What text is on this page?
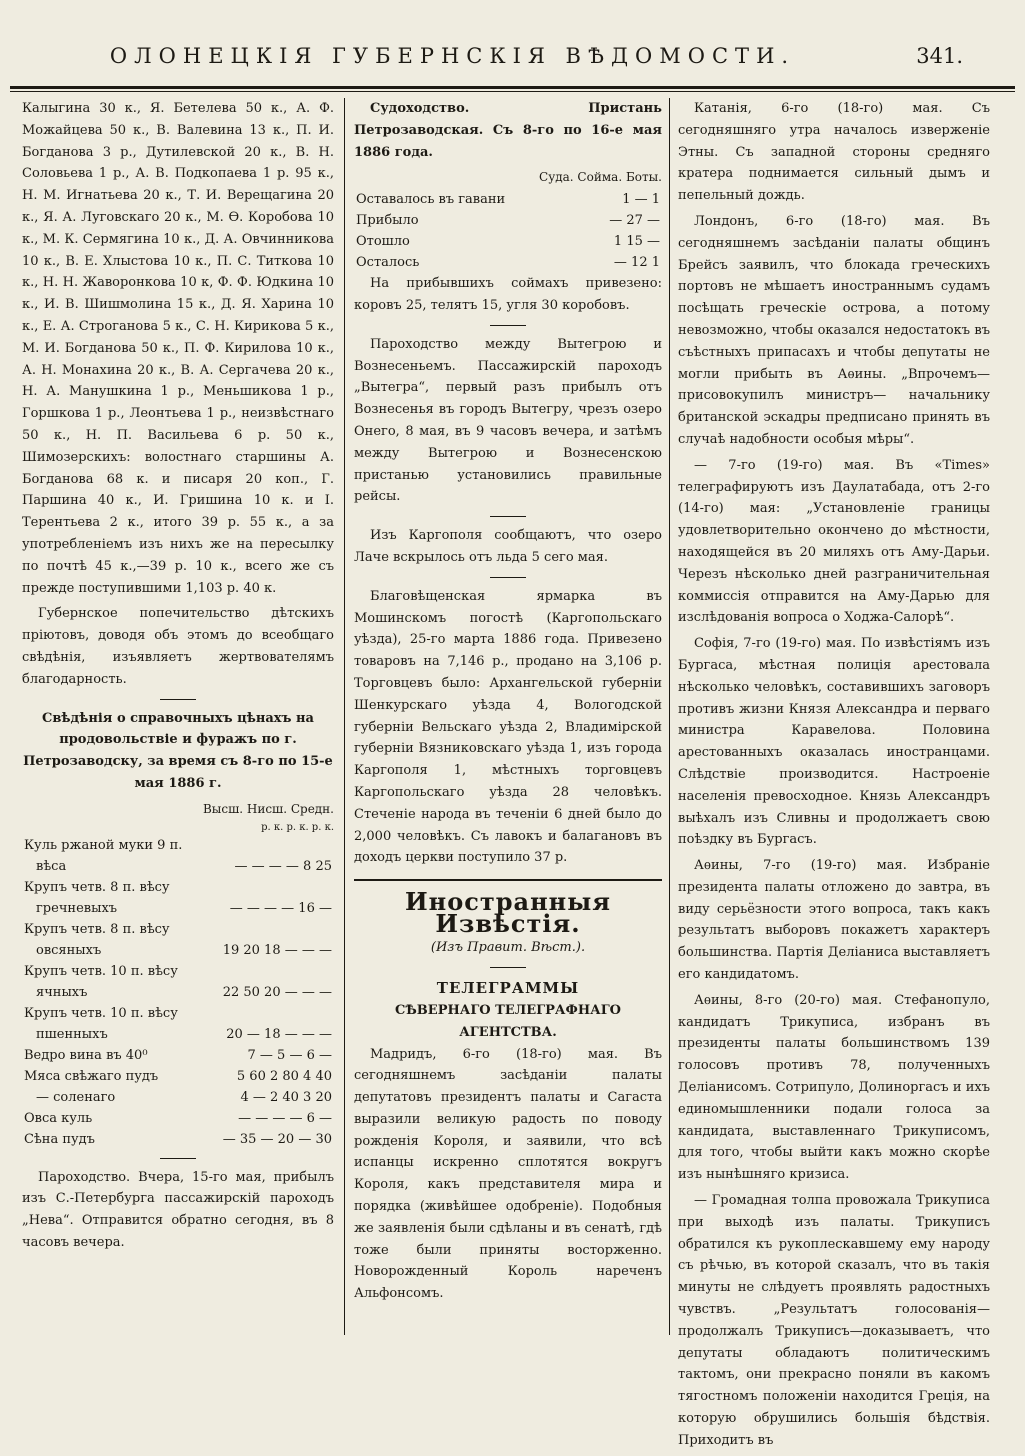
ОЛОНЕЦКІЯ ГУБЕРНСКІЯ ВѢДОМОСТИ.	341.

Калыгина 30 к., Я. Бетелева 50 к., А. Ф. Можайцева 50 к., В. Валевина 13 к., П. И. Богданова 3 р., Дутилевской 20 к., В. Н. Соловьева 1 р., А. В. Подкопаева 1 р. 95 к., Н. М. Игнатьева 20 к., Т. И. Верещагина 20 к., Я. А. Луговскаго 20 к., М. Ѳ. Коробова 10 к., М. К. Сермягина 10 к., Д. А. Овчинникова 10 к., В. Е. Хлыстова 10 к., П. С. Титкова 10 к., Н. Н. Жаворонкова 10 к, Ф. Ф. Юдкина 10 к., И. В. Шишмолина 15 к., Д. Я. Харина 10 к., Е. А. Строганова 5 к., С. Н. Кирикова 5 к., М. И. Богданова 50 к., П. Ф. Кирилова 10 к., А. Н. Монахина 20 к., В. А. Сергачева 20 к., Н. А. Манушкина 1 р., Меньшикова 1 р., Горшкова 1 р., Леонтьева 1 р., неизвѣстнаго 50 к., Н. П. Васильева 6 р. 50 к., Шимозерскихъ: волостнаго старшины А. Богданова 68 к. и писаря 20 коп., Г. Паршина 40 к., И. Гришина 10 к. и І. Терентьева 2 к., итого 39 р. 55 к., а за употребленіемъ изъ нихъ же на пересылку по почтѣ 45 к.,—39 р. 10 к., всего же съ прежде поступившими 1,103 р. 40 к.

Губернское попечительство дѣтскихъ пріютовъ, доводя объ этомъ до всеобщаго свѣдѣнія, изъявляетъ жертвователямъ благодарность.

Свѣдѣнія о справочныхъ цѣнахъ на продовольствіе и фуражъ по г. Петрозаводску, за время съ 8-го по 15-е мая 1886 г.

Высш. Нисш. Средн.
р. к. р. к. р. к.
Куль ржаной муки 9 п.	
вѣса	— — — — 8 25
Крупъ четв. 8 п. вѣсу	
гречневыхъ	— — — — 16 —
Крупъ четв. 8 п. вѣсу	
овсяныхъ	19 20 18 — — —
Крупъ четв. 10 п. вѣсу	
ячныхъ	22 50 20 — — —
Крупъ четв. 10 п. вѣсу	
пшенныхъ	20 — 18 — — —
Ведро вина въ 40⁰	7 — 5 — 6 —
Мяса свѣжаго пудъ	5 60 2 80 4 40
— соленаго	4 — 2 40 3 20
Овса куль	— — — — 6 —
Сѣна пудъ	— 35 — 20 — 30

Пароходство. Вчера, 15-го мая, прибылъ изъ С.-Петербурга пассажирскій пароходъ „Нева“. Отправится обратно сегодня, въ 8 часовъ вечера.

Судоходство. Пристань Петрозаводская. Съ 8-го по 16-е мая 1886 года.

Суда. Сойма. Боты.
Оставалось въ гавани	1 — 1
Прибыло	— 27 —
Отошло	1 15 —
Осталось	— 12 1

На прибывшихъ соймахъ привезено: коровъ 25, телятъ 15, угля 30 коробовъ.

Пароходство между Вытегрою и Вознесеньемъ. Пассажирскій пароходъ „Вытегра“, первый разъ прибылъ отъ Вознесенья въ городъ Вытегру, чрезъ озеро Онего, 8 мая, въ 9 часовъ вечера, и затѣмъ между Вытегрою и Вознесенскою пристанью установились правильные рейсы.

Изъ Каргополя сообщаютъ, что озеро Лаче вскрылось отъ льда 5 сего мая.

Благовѣщенская ярмарка въ Мошинскомъ погостѣ (Каргопольскаго уѣзда), 25-го марта 1886 года. Привезено товаровъ на 7,146 р., продано на 3,106 р. Торговцевъ было: Архангельской губерніи Шенкурскаго уѣзда 4, Вологодской губерніи Вельскаго уѣзда 2, Владимірской губерніи Вязниковскаго уѣзда 1, изъ города Каргополя 1, мѣстныхъ торговцевъ Каргопольскаго уѣзда 28 человѣкъ. Стеченіе народа въ теченіи 6 дней было до 2,000 человѣкъ. Съ лавокъ и балагановъ въ доходъ церкви поступило 37 р.

Иностранныя Извѣстія.
(Изъ Правит. Вѣст.).
ТЕЛЕГРАММЫ
СѢВЕРНАГО ТЕЛЕГРАФНАГО АГЕНТСТВА.

Мадридъ, 6-го (18-го) мая. Въ сегодняшнемъ засѣданіи палаты депутатовъ президентъ палаты и Сагаста выразили великую радость по поводу рожденія Короля, и заявили, что всѣ испанцы искренно сплотятся вокругъ Короля, какъ представителя мира и порядка (живѣйшее одобреніе). Подобныя же заявленія были сдѣланы и въ сенатѣ, гдѣ тоже были приняты восторженно. Новорожденный Король нареченъ Альфонсомъ.

Катанія, 6-го (18-го) мая. Съ сегодняшняго утра началось изверженіе Этны. Съ западной стороны средняго кратера поднимается сильный дымъ и пепельный дождь.

Лондонъ, 6-го (18-го) мая. Въ сегодняшнемъ засѣданіи палаты общинъ Брейсъ заявилъ, что блокада греческихъ портовъ не мѣшаетъ иностраннымъ судамъ посѣщать греческіе острова, а потому невозможно, чтобы оказался недостатокъ въ съѣстныхъ припасахъ и чтобы депутаты не могли прибыть въ Аѳины. „Впрочемъ—присовокупилъ министръ— начальнику британской эскадры предписано принять въ случаѣ надобности особыя мѣры“.

— 7-го (19-го) мая. Въ «Times» телеграфируютъ изъ Даулатабада, отъ 2-го (14-го) мая: „Установленіе границы удовлетворительно окончено до мѣстности, находящейся въ 20 миляхъ отъ Аму-Дарьи. Черезъ нѣсколько дней разграничительная коммиссія отправится на Аму-Дарью для изслѣдованія вопроса о Ходжа-Салорѣ“.

Софія, 7-го (19-го) мая. По извѣстіямъ изъ Бургаса, мѣстная полиція арестовала нѣсколько человѣкъ, составившихъ заговоръ противъ жизни Князя Александра и перваго министра Каравелова. Половина арестованныхъ оказалась иностранцами. Слѣдствіе производится. Настроеніе населенія превосходное. Князь Александръ выѣхалъ изъ Сливны и продолжаетъ свою поѣздку въ Бургасъ.

Аѳины, 7-го (19-го) мая. Избраніе президента палаты отложено до завтра, въ виду серьёзности этого вопроса, такъ какъ результатъ выборовъ покажетъ характеръ большинства. Партія Деліаниса выставляетъ его кандидатомъ.

Аѳины, 8-го (20-го) мая. Стефанопуло, кандидатъ Трикуписа, избранъ въ президенты палаты большинствомъ 139 голосовъ противъ 78, полученныхъ Деліанисомъ. Сотрипуло, Долиноргасъ и ихъ единомышленники подали голоса за кандидата, выставленнаго Трикуписомъ, для того, чтобы выйти какъ можно скорѣе изъ нынѣшняго кризиса.

— Громадная толпа провожала Трикуписа при выходѣ изъ палаты. Трикуписъ обратился къ рукоплескавшему ему народу съ рѣчью, въ которой сказалъ, что въ такія минуты не слѣдуетъ проявлять радостныхъ чувствъ. „Результатъ голосованія—продолжалъ Трикуписъ—доказываетъ, что депутаты обладаютъ политическимъ тактомъ, они прекрасно поняли въ какомъ тягостномъ положеніи находится Греція, на которую обрушились большія бѣдствія. Приходитъ въ
